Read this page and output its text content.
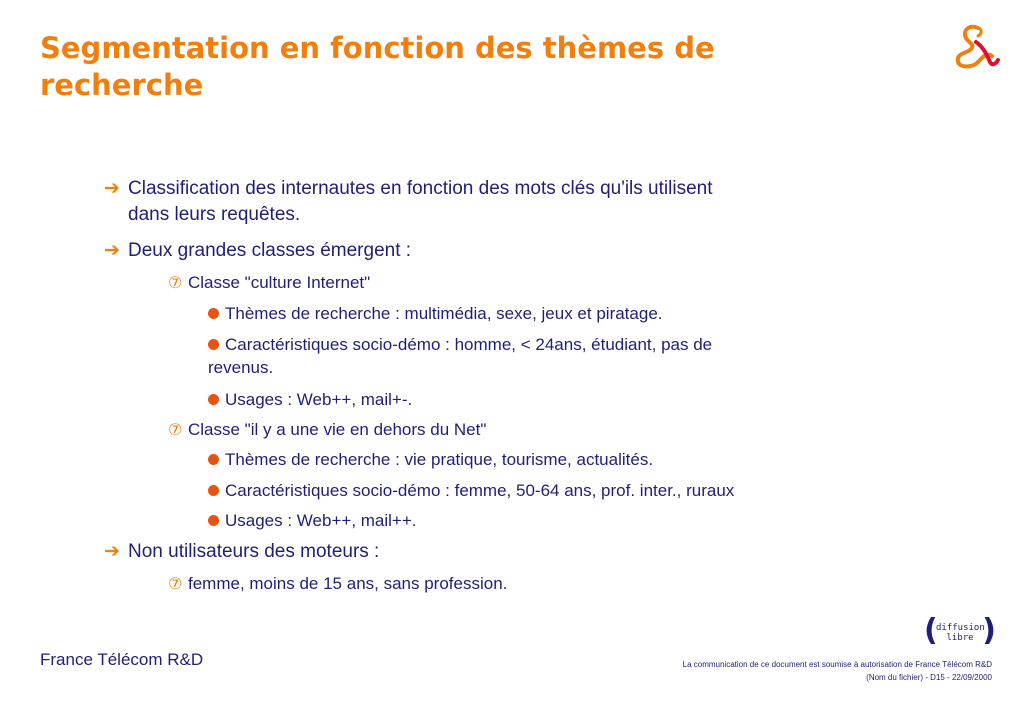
Segmentation en fonction des thèmes de recherche
➔ Classification des internautes en fonction des mots clés qu'ils utilisent
dans leurs requêtes.
➔ Deux grandes classes émergent :
⑦ Classe "culture Internet"
Thèmes de recherche : multimédia, sexe, jeux et piratage.
Caractéristiques socio-démo : homme, < 24ans, étudiant, pas de
revenus.
Usages : Web++, mail+-.
⑦ Classe "il y a une vie en dehors du Net"
Thèmes de recherche : vie pratique, tourisme, actualités.
Caractéristiques socio-démo : femme, 50-64 ans, prof. inter., ruraux
Usages : Web++, mail++.
➔ Non utilisateurs des moteurs :
⑦ femme, moins de 15 ans, sans profession.
France Télécom R&D
(
diffusion
libre )
La communication de ce document est soumise à autorisation de France Télécom R&D
(Nom du fichier) - D15 - 22/09/2000
